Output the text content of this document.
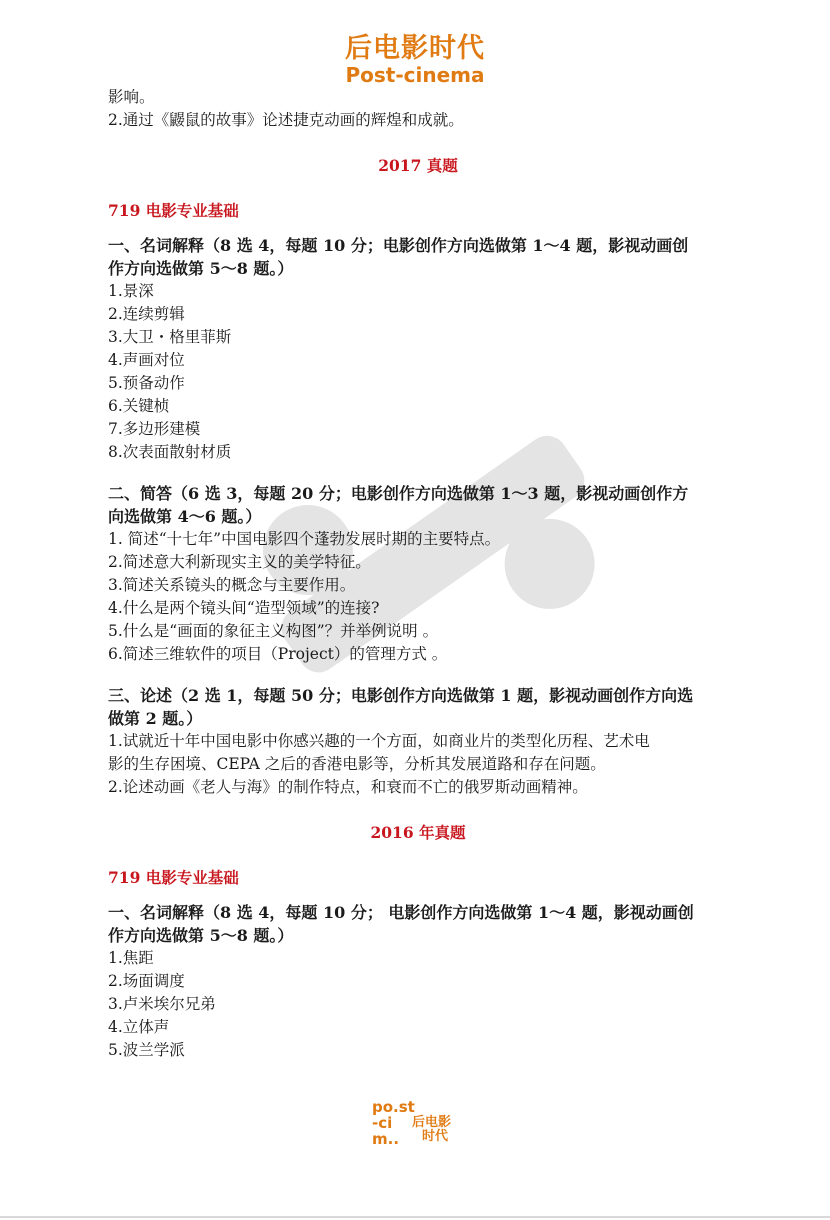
后电影时代
Post-cinema

影响。

2.通过《鼹鼠的故事》论述捷克动画的辉煌和成就。

2017 真题
719 电影专业基础
一、名词解释（8 选 4，每题 10 分；电影创作方向选做第 1～4 题，影视动画创
作方向选做第 5～8 题。）

1.景深

2.连续剪辑

3.大卫・格里菲斯

4.声画对位

5.预备动作

6.关键桢

7.多边形建模

8.次表面散射材质

二、简答（6 选 3，每题 20 分；电影创作方向选做第 1～3 题，影视动画创作方
向选做第 4～6 题。）

1. 简述“十七年”中国电影四个蓬勃发展时期的主要特点。

2.简述意大利新现实主义的美学特征。

3.简述关系镜头的概念与主要作用。

4.什么是两个镜头间“造型领域”的连接?

5.什么是“画面的象征主义构图”？并举例说明 。

6.简述三维软件的项目（Project）的管理方式 。

三、论述（2 选 1，每题 50 分；电影创作方向选做第 1 题，影视动画创作方向选
做第 2 题。）

1.试就近十年中国电影中你感兴趣的一个方面，如商业片的类型化历程、艺术电

影的生存困境、CEPA 之后的香港电影等，分析其发展道路和存在问题。

2.论述动画《老人与海》的制作特点，和衰而不亡的俄罗斯动画精神。

2016 年真题
719 电影专业基础
一、名词解释（8 选 4，每题 10 分； 电影创作方向选做第 1～4 题，影视动画创
作方向选做第 5～8 题。）

1.焦距

2.场面调度

3.卢米埃尔兄弟

4.立体声

5.波兰学派

po.st
-ci
m..
后电影
时代
